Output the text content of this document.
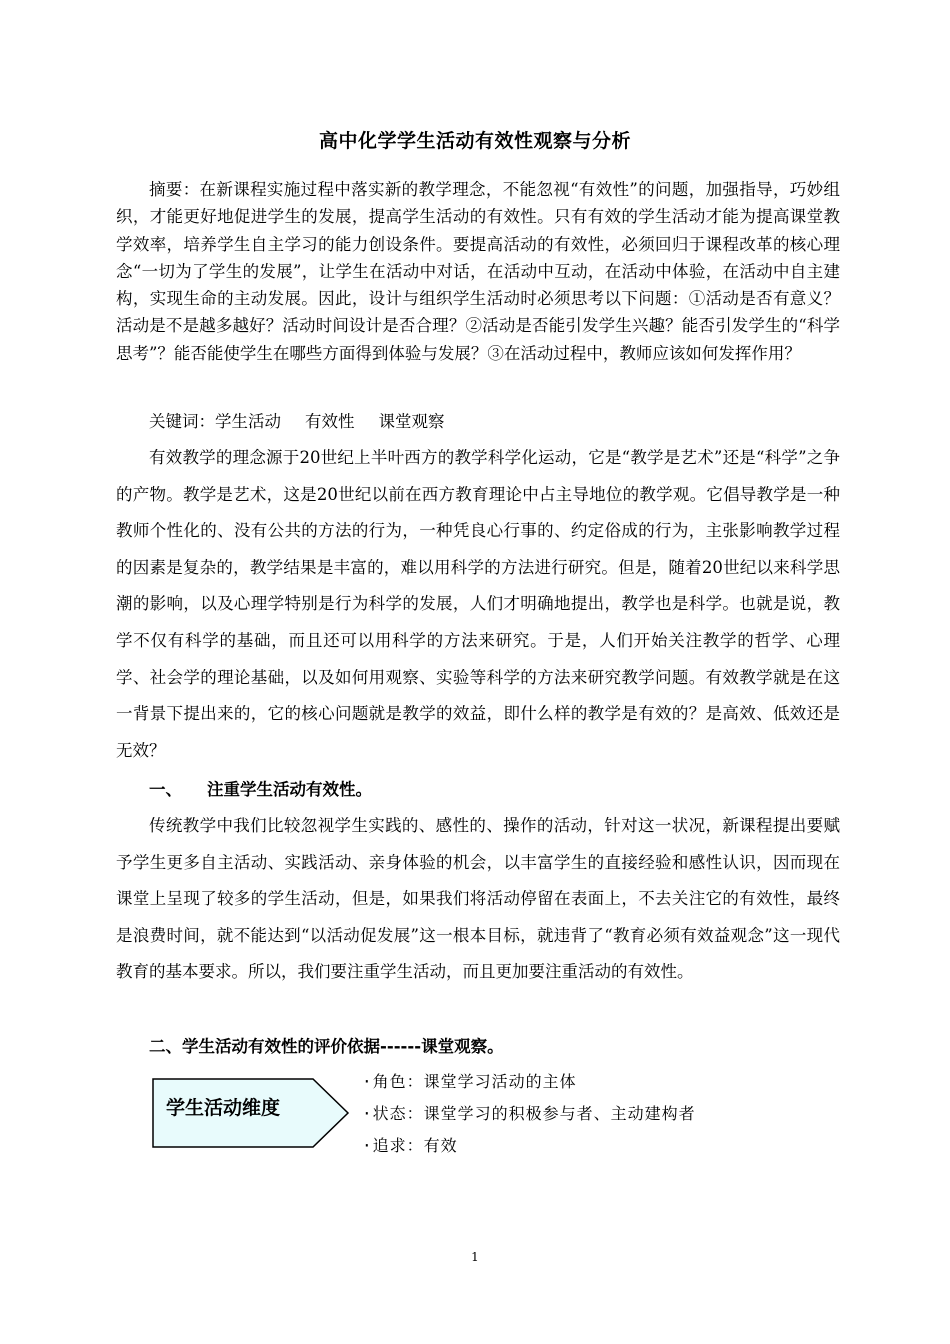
高中化学学生活动有效性观察与分析

摘要：在新课程实施过程中落实新的教学理念，不能忽视“有效性”的问题，加强指导，巧妙组织，才能更好地促进学生的发展，提高学生活动的有效性。只有有效的学生活动才能为提高课堂教学效率，培养学生自主学习的能力创设条件。要提高活动的有效性，必须回归于课程改革的核心理念“一切为了学生的发展”，让学生在活动中对话，在活动中互动，在活动中体验，在活动中自主建构，实现生命的主动发展。因此，设计与组织学生活动时必须思考以下问题：①活动是否有意义？活动是不是越多越好？活动时间设计是否合理？②活动是否能引发学生兴趣？能否引发学生的“科学思考”？能否能使学生在哪些方面得到体验与发展？③在活动过程中，教师应该如何发挥作用？

关键词：学生活动 有效性 课堂观察

有效教学的理念源于20世纪上半叶西方的教学科学化运动，它是“教学是艺术”还是“科学”之争的产物。教学是艺术，这是20世纪以前在西方教育理论中占主导地位的教学观。它倡导教学是一种教师个性化的、没有公共的方法的行为，一种凭良心行事的、约定俗成的行为，主张影响教学过程的因素是复杂的，教学结果是丰富的，难以用科学的方法进行研究。但是，随着20世纪以来科学思潮的影响，以及心理学特别是行为科学的发展，人们才明确地提出，教学也是科学。也就是说，教学不仅有科学的基础，而且还可以用科学的方法来研究。于是，人们开始关注教学的哲学、心理学、社会学的理论基础，以及如何用观察、实验等科学的方法来研究教学问题。有效教学就是在这一背景下提出来的，它的核心问题就是教学的效益，即什么样的教学是有效的？是高效、低效还是无效？

一、 注重学生活动有效性。

传统教学中我们比较忽视学生实践的、感性的、操作的活动，针对这一状况，新课程提出要赋予学生更多自主活动、实践活动、亲身体验的机会，以丰富学生的直接经验和感性认识，因而现在课堂上呈现了较多的学生活动，但是，如果我们将活动停留在表面上，不去关注它的有效性，最终是浪费时间，就不能达到“以活动促发展”这一根本目标，就违背了“教育必须有效益观念”这一现代教育的基本要求。所以，我们要注重学生活动，而且更加要注重活动的有效性。

二、学生活动有效性的评价依据------课堂观察。
学生活动维度
·角色：课堂学习活动的主体
·状态：课堂学习的积极参与者、主动建构者
·追求：有效
1
